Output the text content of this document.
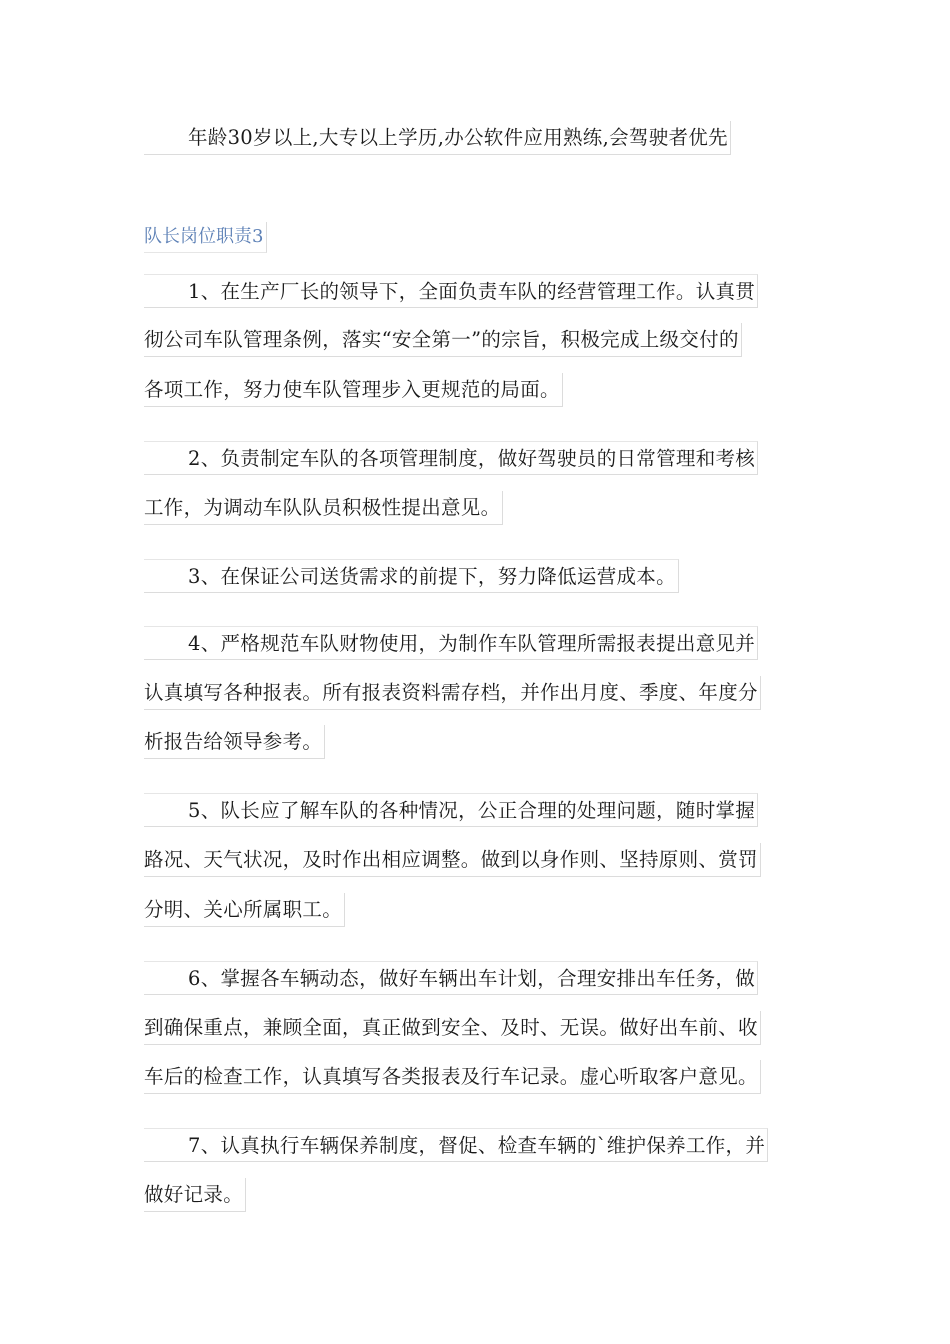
年龄30岁以上,大专以上学历,办公软件应用熟练,会驾驶者优先
队长岗位职责3
1、在生产厂长的领导下，全面负责车队的经营管理工作。认真贯
彻公司车队管理条例，落实“安全第一”的宗旨，积极完成上级交付的
各项工作，努力使车队管理步入更规范的局面。
2、负责制定车队的各项管理制度，做好驾驶员的日常管理和考核
工作，为调动车队队员积极性提出意见。
3、在保证公司送货需求的前提下，努力降低运营成本。
4、严格规范车队财物使用，为制作车队管理所需报表提出意见并
认真填写各种报表。所有报表资料需存档，并作出月度、季度、年度分
析报告给领导参考。
5、队长应了解车队的各种情况，公正合理的处理问题，随时掌握
路况、天气状况，及时作出相应调整。做到以身作则、坚持原则、赏罚
分明、关心所属职工。
6、掌握各车辆动态，做好车辆出车计划，合理安排出车任务，做
到确保重点，兼顾全面，真正做到安全、及时、无误。做好出车前、收
车后的检查工作，认真填写各类报表及行车记录。虚心听取客户意见。
7、认真执行车辆保养制度，督促、检查车辆的`维护保养工作，并
做好记录。
